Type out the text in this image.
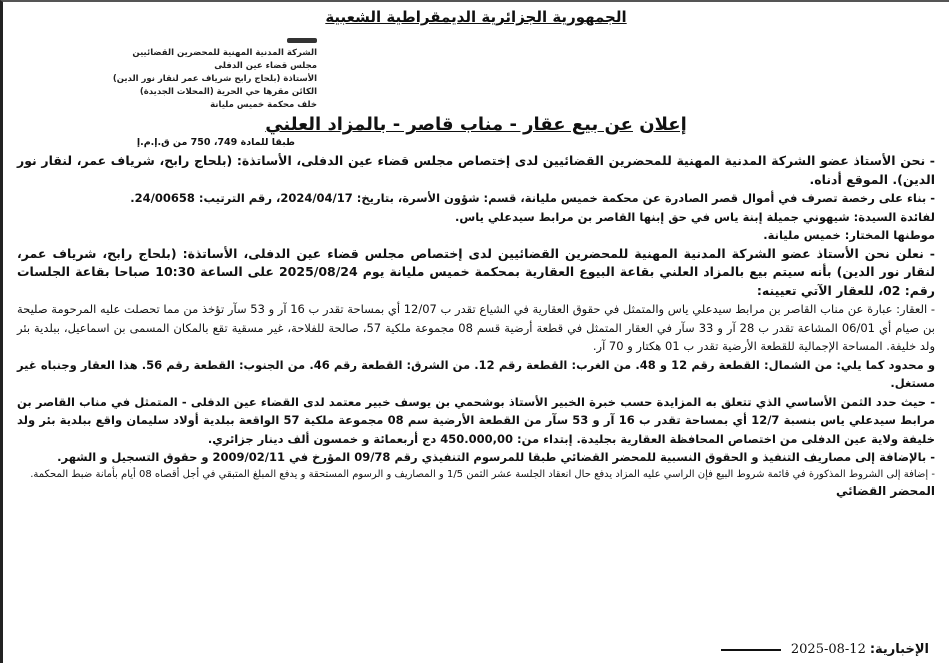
الجمهورية الجزائرية الديمقراطية الشعبية
الشركة المدنية المهنية للمحضرين القضائيين
مجلس قضاء عين الدفلى
الأستاذة (بلحاج رابح شرياف عمر لنقار نور الدين)
الكائن مقرها حي الحرية (المحلات الجديدة)
خلف محكمة خميس مليانة
إعلان عن بيع عقار - مناب قاصر - بالمزاد العلني
طبقا للمادة 749، 750 من ق.إ.م.إ

- نحن الأستاذ عضو الشركة المدنية المهنية للمحضرين القضائيين لدى إختصاص مجلس قضاء عين الدفلى، الأساتذة: (بلحاج رابح، شرياف عمر، لنقار نور الدين). الموقع أدناه.

- بناء على رخصة تصرف في أموال قصر الصادرة عن محكمة خميس مليانة، قسم: شؤون الأسرة، بتاريخ: 2024/04/17، رقم الترتيب: 24/00658.

لفائدة السيدة: شيهوني جميلة إبنة ياس في حق إبنها القاصر بن مرابط سيدعلي ياس.

موطنها المختار: خميس مليانة.

- نعلن نحن الأستاذ عضو الشركة المدنية المهنية للمحضرين القضائيين لدى إختصاص مجلس قضاء عين الدفلى، الأساتذة: (بلحاج رابح، شرياف عمر، لنقار نور الدين) بأنه سيتم بيع بالمزاد العلني بقاعة البيوع العقارية بمحكمة خميس مليانة يوم 2025/08/24 على الساعة 10:30 صباحا بقاعة الجلسات رقم: 02، للعقار الآتي تعيينه:

- العقار: عبارة عن مناب القاصر بن مرابط سيدعلي ياس والمتمثل في حقوق العقارية في الشياع تقدر ب 12/07 أي بمساحة تقدر ب 16 آر و 53 سآر تؤخذ من مما تحصلت عليه المرحومة صليحة بن صيام أي 06/01 المشاعة تقدر ب 28 آر و 33 سآر في العقار المتمثل في قطعة أرضية قسم 08 مجموعة ملكية 57، صالحة للفلاحة، غير مسقية تقع بالمكان المسمى بن اسماعيل، ببلدية بئر ولد خليفة. المساحة الإجمالية للقطعة الأرضية تقدر ب 01 هكتار و 70 آر.

و محدود كما يلي: من الشمال: القطعة رقم 12 و 48. من الغرب: القطعة رقم 12. من الشرق: القطعة رقم 46. من الجنوب: القطعة رقم 56. هذا العقار وجنباه غير مستغل.

- حيث حدد الثمن الأساسي الذي تتعلق به المزايدة حسب خبرة الخبير الأستاذ بوشحمي بن يوسف خبير معتمد لدى القضاء عين الدفلى - المتمثل في مناب القاصر بن مرابط سيدعلي ياس بنسبة 12/7 أي بمساحة تقدر ب 16 آر و 53 سآر من القطعة الأرضية سم 08 مجموعة ملكية 57 الواقعة ببلدية أولاد سليمان واقع ببلدية بئر ولد خليفة ولاية عين الدفلى من اختصاص المحافظة العقارية بجليدة. إبتداء من: 450.000,00 دج أربعمائة و خمسون ألف دينار جزائري.

- بالإضافة إلى مصاريف التنفيذ و الحقوق النسبية للمحضر القضائي طبقا للمرسوم التنفيذي رقم 09/78 المؤرخ في 2009/02/11 و حقوق التسجيل و الشهر.

- إضافة إلى الشروط المذكورة في قائمة شروط البيع فإن الراسي عليه المزاد يدفع حال انعقاد الجلسة عشر الثمن 1/5 و المصاريف و الرسوم المستحقة و يدفع المبلغ المتبقي في أجل أقصاه 08 أيام بأمانة ضبط المحكمة.

المحضر القضائي
الإخبارية:
2025-08-12
